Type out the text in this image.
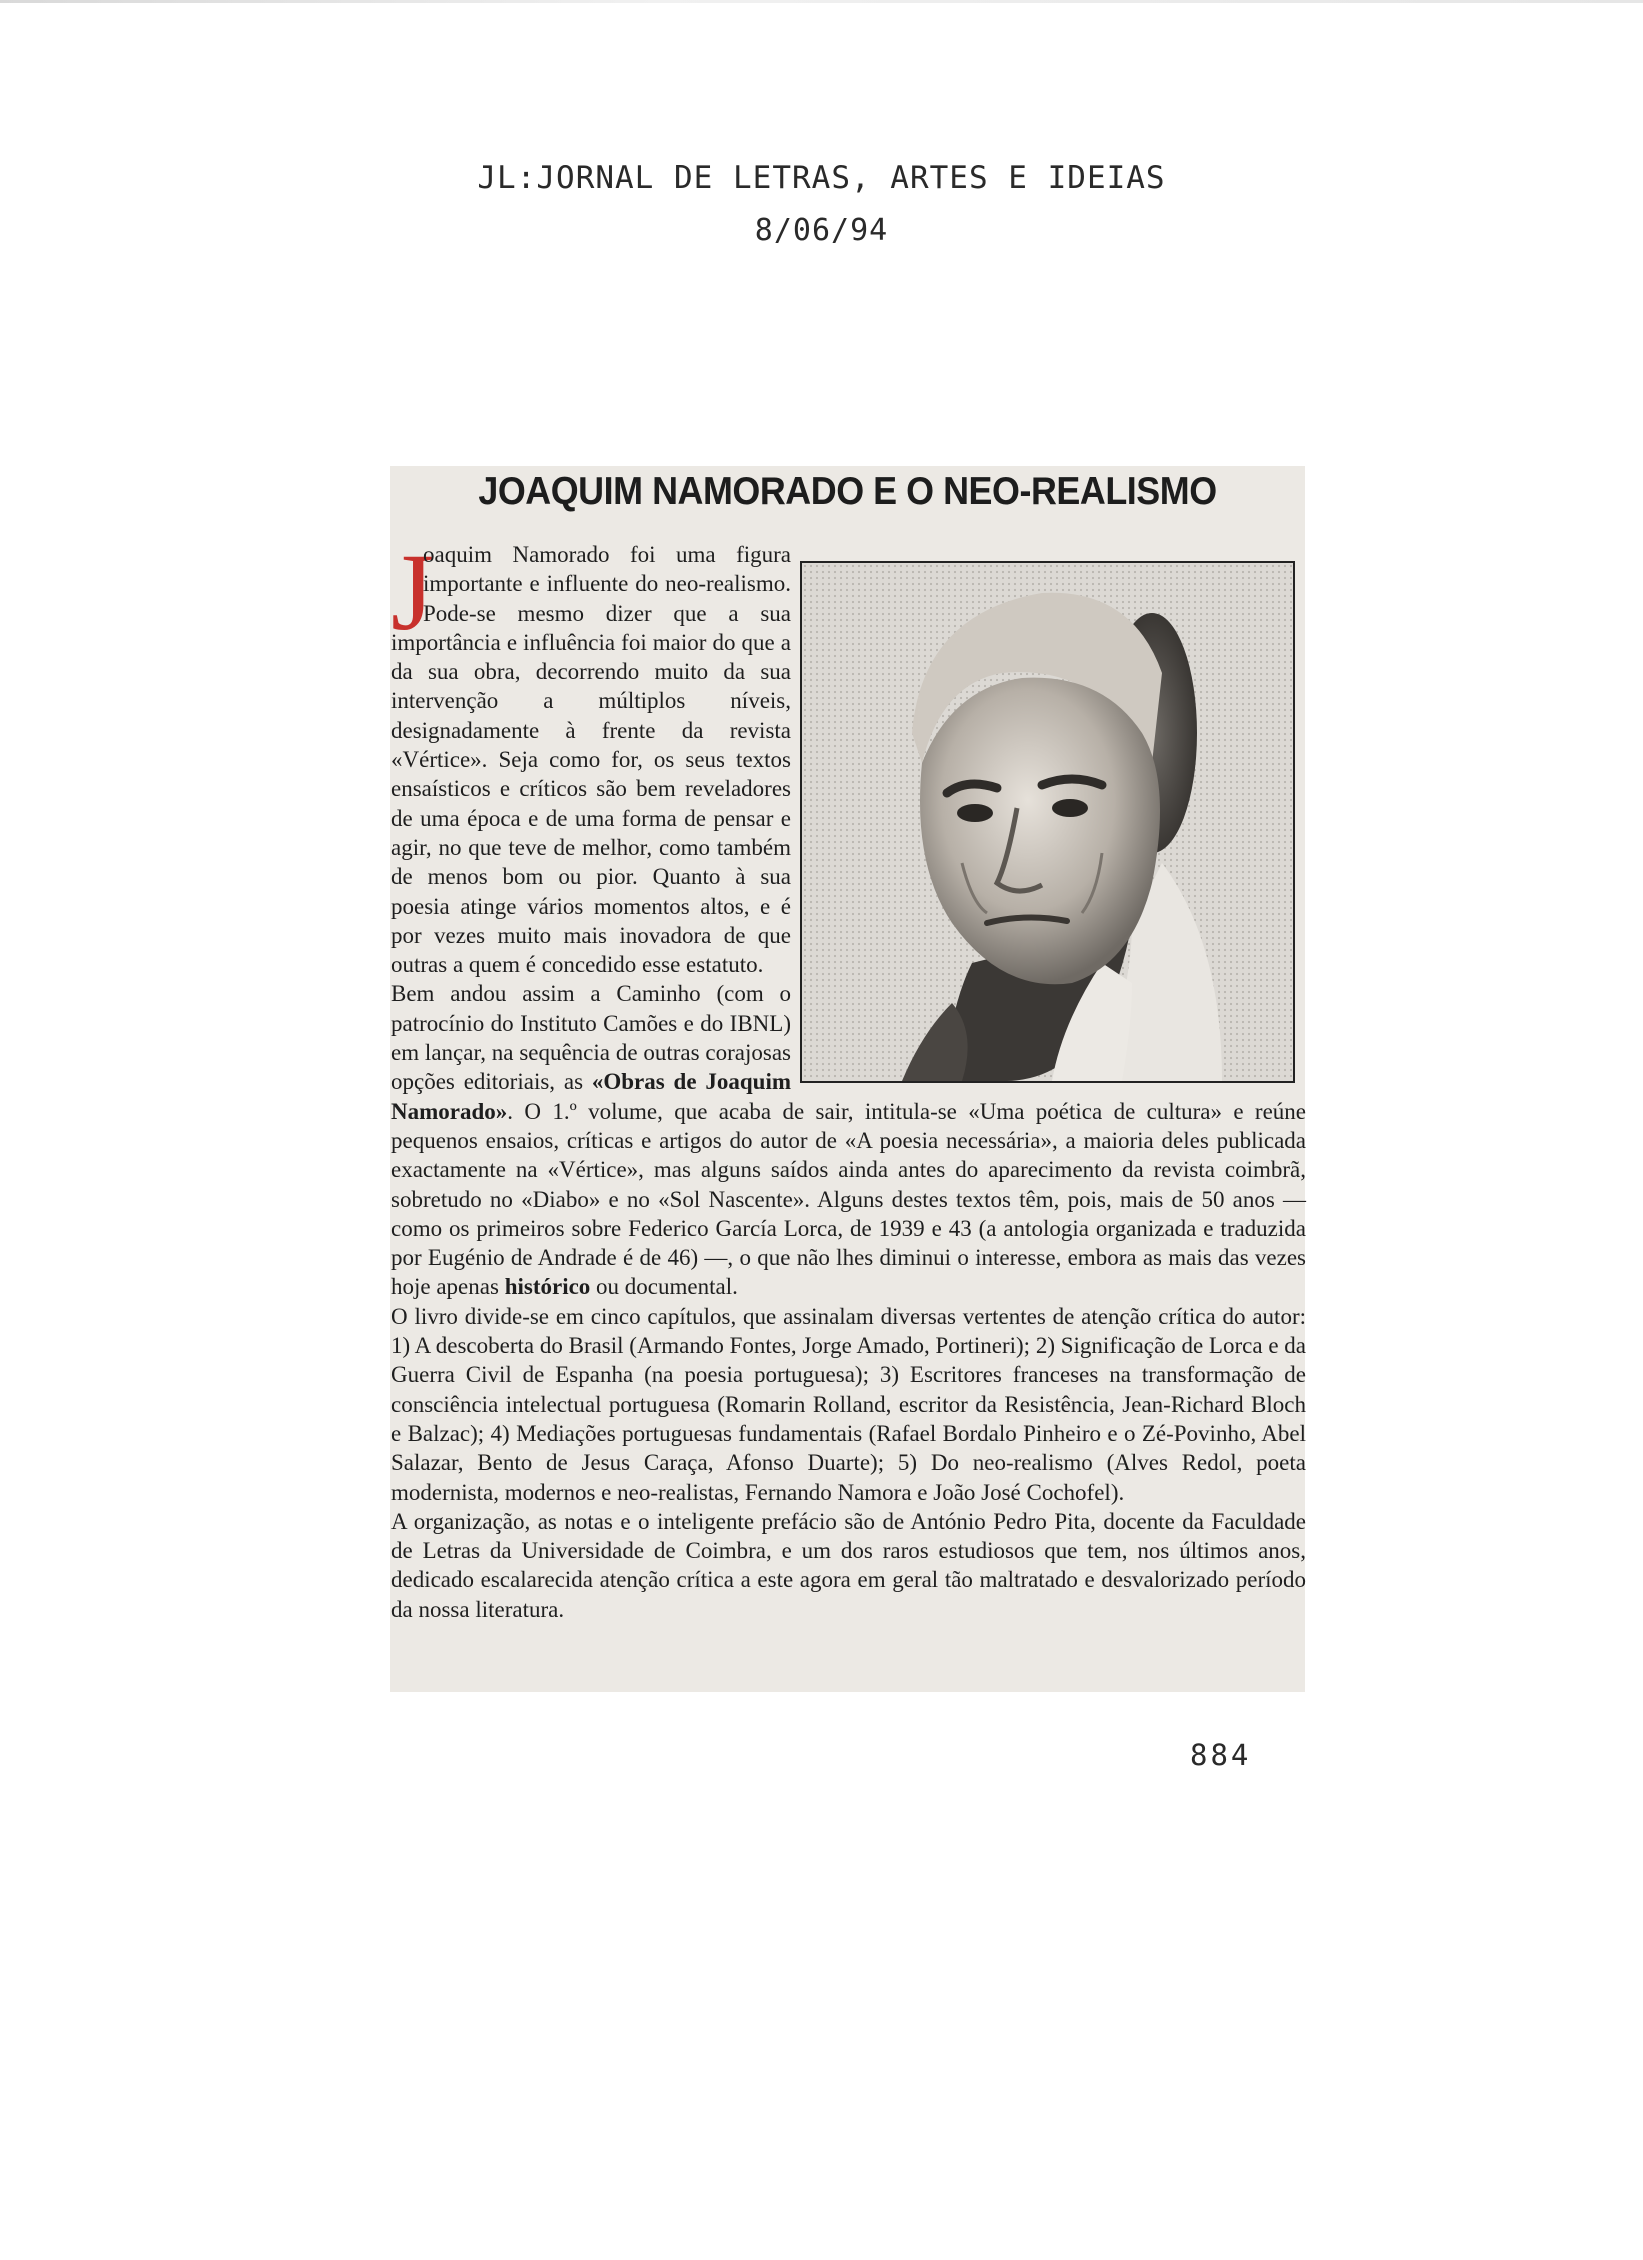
JL:JORNAL DE LETRAS, ARTES E IDEIAS
8/06/94
JOAQUIM NAMORADO E O NEO-REALISMO
J

oaquim Namorado foi uma figura importante e influente do neo-realismo. Pode-se mesmo dizer que a sua importância e influência foi maior do que a da sua obra, decorrendo muito da sua intervenção a múltiplos níveis, designadamente à frente da revista «Vértice». Seja como for, os seus textos ensaísticos e críticos são bem reveladores de uma época e de uma forma de pensar e agir, no que teve de melhor, como também de menos bom ou pior. Quanto à sua poesia atinge vários momentos altos, e é por vezes muito mais inovadora de que outras a quem é concedido esse estatuto.

Bem andou assim a Caminho (com o patrocínio do Instituto Camões e do IBNL) em lançar, na sequência de outras corajosas opções editoriais, as «Obras de Joaquim Namorado». O 1.º volume, que acaba de sair, intitula-se «Uma poética de cultura» e reúne pequenos ensaios, críticas e artigos do autor de «A poesia necessária», a maioria deles publicada exactamente na «Vértice», mas alguns saídos ainda antes do aparecimento da revista coimbrã, sobretudo no «Diabo» e no «Sol Nascente». Alguns destes textos têm, pois, mais de 50 anos — como os primeiros sobre Federico García Lorca, de 1939 e 43 (a antologia organizada e traduzida por Eugénio de Andrade é de 46) —, o que não lhes diminui o interesse, embora as mais das vezes hoje apenas histórico ou documental.

O livro divide-se em cinco capítulos, que assinalam diversas vertentes de atenção crítica do autor: 1) A descoberta do Brasil (Armando Fontes, Jorge Amado, Portineri); 2) Significação de Lorca e da Guerra Civil de Espanha (na poesia portuguesa); 3) Escritores franceses na transformação de consciência intelectual portuguesa (Romarin Rolland, escritor da Resistência, Jean-Richard Bloch e Balzac); 4) Mediações portuguesas fundamentais (Rafael Bordalo Pinheiro e o Zé-Povinho, Abel Salazar, Bento de Jesus Caraça, Afonso Duarte); 5) Do neo-realismo (Alves Redol, poeta modernista, modernos e neo-realistas, Fernando Namora e João José Cochofel).

A organização, as notas e o inteligente prefácio são de António Pedro Pita, docente da Faculdade de Letras da Universidade de Coimbra, e um dos raros estudiosos que tem, nos últimos anos, dedicado escalarecida atenção crítica a este agora em geral tão maltratado e desvalorizado período da nossa literatura.

884
